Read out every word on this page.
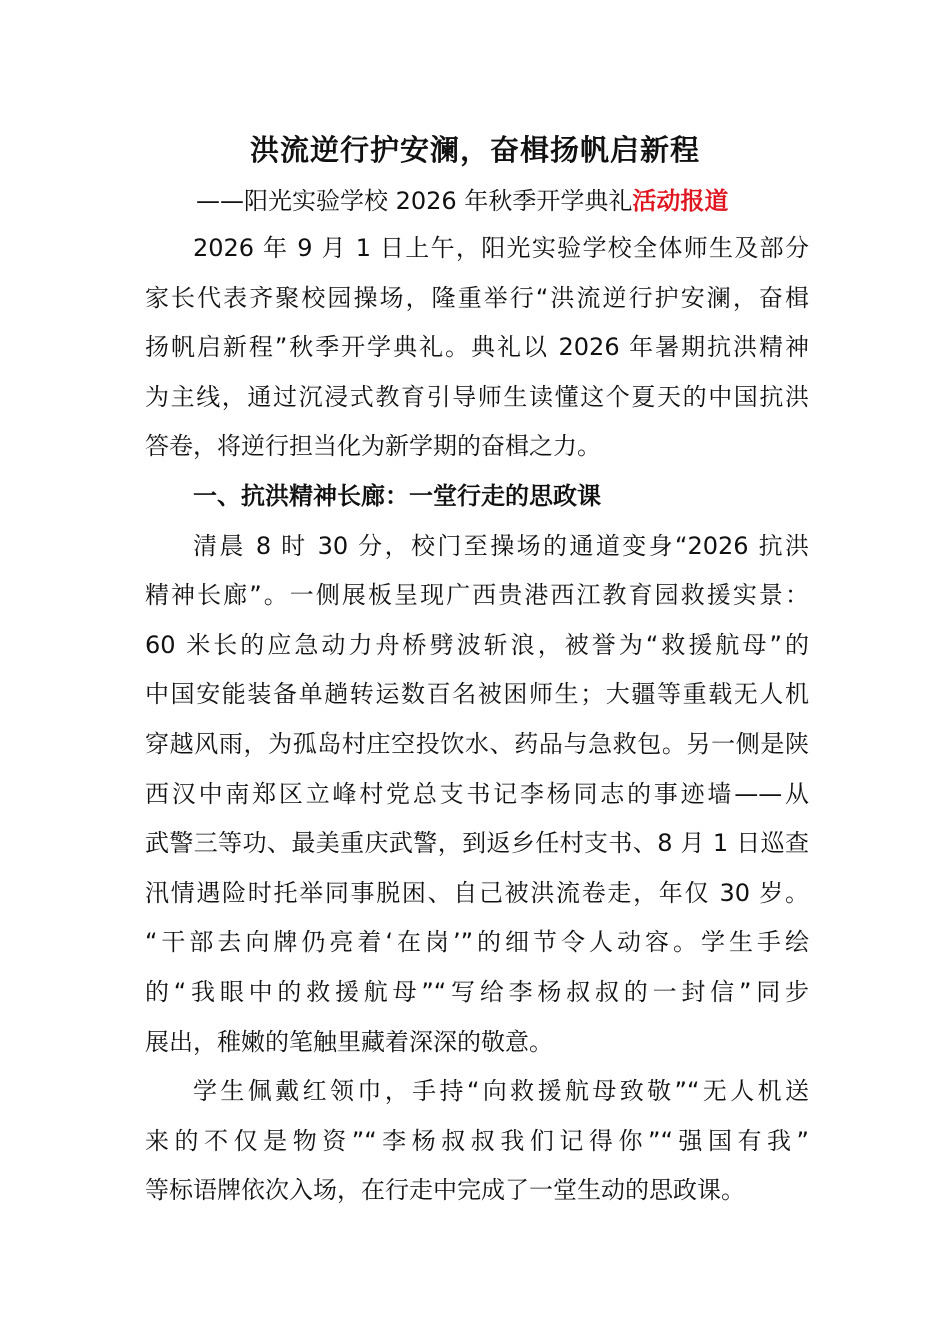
洪流逆行护安澜，奋楫扬帆启新程
——阳光实验学校 2026 年秋季开学典礼活动报道
2026 年 9 月 1 日上午，阳光实验学校全体师生及部分
家长代表齐聚校园操场，隆重举行“洪流逆行护安澜，奋楫
扬帆启新程”秋季开学典礼。典礼以 2026 年暑期抗洪精神
为主线，通过沉浸式教育引导师生读懂这个夏天的中国抗洪
答卷，将逆行担当化为新学期的奋楫之力。
一、抗洪精神长廊：一堂行走的思政课
清晨 8 时 30 分，校门至操场的通道变身“2026 抗洪
精神长廊”。一侧展板呈现广西贵港西江教育园救援实景：
60 米长的应急动力舟桥劈波斩浪，被誉为“救援航母”的
中国安能装备单趟转运数百名被困师生；大疆等重载无人机
穿越风雨，为孤岛村庄空投饮水、药品与急救包。另一侧是陕
西汉中南郑区立峰村党总支书记李杨同志的事迹墙——从
武警三等功、最美重庆武警，到返乡任村支书、8 月 1 日巡查
汛情遇险时托举同事脱困、自己被洪流卷走，年仅 30 岁。
“干部去向牌仍亮着‘在岗’”的细节令人动容。学生手绘
的“我眼中的救援航母”“写给李杨叔叔的一封信”同步
展出，稚嫩的笔触里藏着深深的敬意。
学生佩戴红领巾，手持“向救援航母致敬”“无人机送
来的不仅是物资”“李杨叔叔我们记得你”“强国有我”
等标语牌依次入场，在行走中完成了一堂生动的思政课。
